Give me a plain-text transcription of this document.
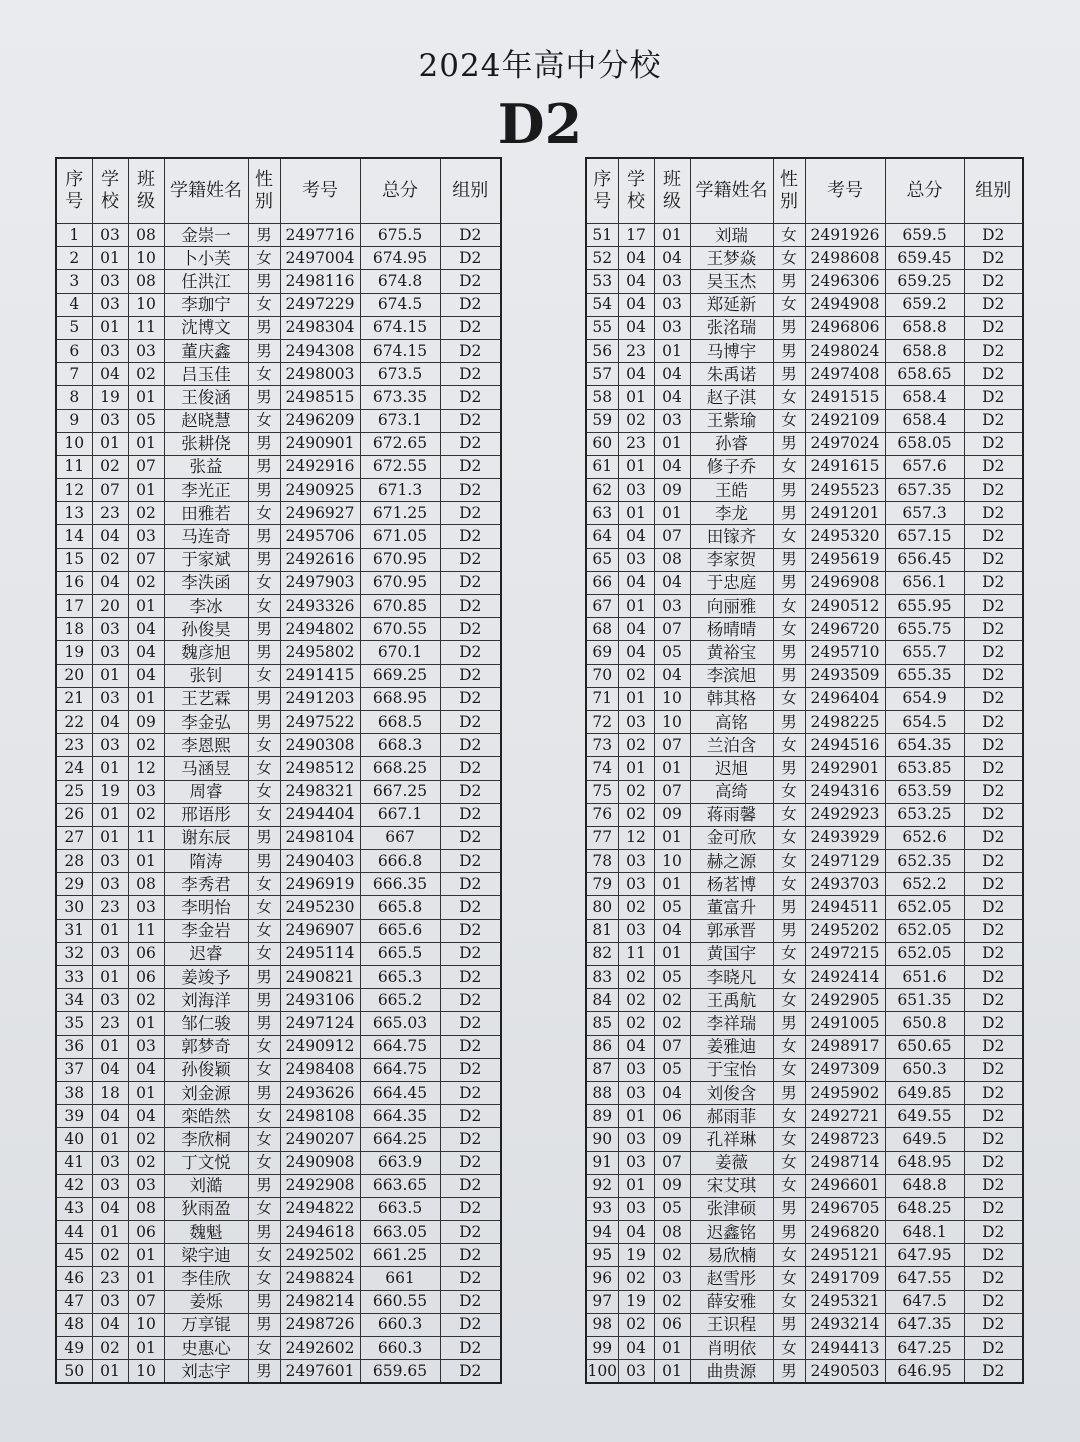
2024年高中分校
D2
序号	学校	班级	学籍姓名	性别	考号	总分	组别
1	03	08	金崇一	男	2497716	675.5	D2
2	01	10	卜小芙	女	2497004	674.95	D2
3	03	08	任洪江	男	2498116	674.8	D2
4	03	10	李珈宁	女	2497229	674.5	D2
5	01	11	沈博文	男	2498304	674.15	D2
6	03	03	董庆鑫	男	2494308	674.15	D2
7	04	02	吕玉佳	女	2498003	673.5	D2
8	19	01	王俊涵	男	2498515	673.35	D2
9	03	05	赵晓慧	女	2496209	673.1	D2
10	01	01	张耕侥	男	2490901	672.65	D2
11	02	07	张益	男	2492916	672.55	D2
12	07	01	李光正	男	2490925	671.3	D2
13	23	02	田雅若	女	2496927	671.25	D2
14	04	03	马连奇	男	2495706	671.05	D2
15	02	07	于家斌	男	2492616	670.95	D2
16	04	02	李泆函	女	2497903	670.95	D2
17	20	01	李冰	女	2493326	670.85	D2
18	03	04	孙俊昊	男	2494802	670.55	D2
19	03	04	魏彦旭	男	2495802	670.1	D2
20	01	04	张钊	女	2491415	669.25	D2
21	03	01	王艺霖	男	2491203	668.95	D2
22	04	09	李金弘	男	2497522	668.5	D2
23	03	02	李恩熙	女	2490308	668.3	D2
24	01	12	马涵昱	女	2498512	668.25	D2
25	19	03	周睿	女	2498321	667.25	D2
26	01	02	邢语彤	女	2494404	667.1	D2
27	01	11	谢东辰	男	2498104	667	D2
28	03	01	隋涛	男	2490403	666.8	D2
29	03	08	李秀君	女	2496919	666.35	D2
30	23	03	李明怡	女	2495230	665.8	D2
31	01	11	李金岩	女	2496907	665.6	D2
32	03	06	迟睿	女	2495114	665.5	D2
33	01	06	姜竣予	男	2490821	665.3	D2
34	03	02	刘海洋	男	2493106	665.2	D2
35	23	01	邹仁骏	男	2497124	665.03	D2
36	01	03	郭梦奇	女	2490912	664.75	D2
37	04	04	孙俊颖	女	2498408	664.75	D2
38	18	01	刘金源	男	2493626	664.45	D2
39	04	04	栾皓然	女	2498108	664.35	D2
40	01	02	李欣桐	女	2490207	664.25	D2
41	03	02	丁文悦	女	2490908	663.9	D2
42	03	03	刘澔	男	2492908	663.65	D2
43	04	08	狄雨盈	女	2494822	663.5	D2
44	01	06	魏魁	男	2494618	663.05	D2
45	02	01	梁宇迪	女	2492502	661.25	D2
46	23	01	李佳欣	女	2498824	661	D2
47	03	07	姜烁	男	2498214	660.55	D2
48	04	10	万享锟	男	2498726	660.3	D2
49	02	01	史惠心	女	2492602	660.3	D2
50	01	10	刘志宇	男	2497601	659.65	D2
序号	学校	班级	学籍姓名	性别	考号	总分	组别
51	17	01	刘瑞	女	2491926	659.5	D2
52	04	04	王梦焱	女	2498608	659.45	D2
53	04	03	吴玉杰	男	2496306	659.25	D2
54	04	03	郑延新	女	2494908	659.2	D2
55	04	03	张洺瑞	男	2496806	658.8	D2
56	23	01	马博宇	男	2498024	658.8	D2
57	04	04	朱禹诺	男	2497408	658.65	D2
58	01	04	赵子淇	女	2491515	658.4	D2
59	02	03	王紫瑜	女	2492109	658.4	D2
60	23	01	孙睿	男	2497024	658.05	D2
61	01	04	修子乔	女	2491615	657.6	D2
62	03	09	王皓	男	2495523	657.35	D2
63	01	01	李龙	男	2491201	657.3	D2
64	04	07	田镓齐	女	2495320	657.15	D2
65	03	08	李家贺	男	2495619	656.45	D2
66	04	04	于忠庭	男	2496908	656.1	D2
67	01	03	向丽雅	女	2490512	655.95	D2
68	04	07	杨晴晴	女	2496720	655.75	D2
69	04	05	黄裕宝	男	2495710	655.7	D2
70	02	04	李滨旭	男	2493509	655.35	D2
71	01	10	韩其格	女	2496404	654.9	D2
72	03	10	高铭	男	2498225	654.5	D2
73	02	07	兰泊含	女	2494516	654.35	D2
74	01	01	迟旭	男	2492901	653.85	D2
75	02	07	高绮	女	2494316	653.59	D2
76	02	09	蒋雨馨	女	2492923	653.25	D2
77	12	01	金可欣	女	2493929	652.6	D2
78	03	10	赫之源	女	2497129	652.35	D2
79	03	01	杨茗博	女	2493703	652.2	D2
80	02	05	董富升	男	2494511	652.05	D2
81	03	04	郭承晋	男	2495202	652.05	D2
82	11	01	黄国宇	女	2497215	652.05	D2
83	02	05	李晓凡	女	2492414	651.6	D2
84	02	02	王禹航	女	2492905	651.35	D2
85	02	02	李祥瑞	男	2491005	650.8	D2
86	04	07	姜雅迪	女	2498917	650.65	D2
87	03	05	于宝怡	女	2497309	650.3	D2
88	03	04	刘俊含	男	2495902	649.85	D2
89	01	06	郝雨菲	女	2492721	649.55	D2
90	03	09	孔祥琳	女	2498723	649.5	D2
91	03	07	姜薇	女	2498714	648.95	D2
92	01	09	宋艾琪	女	2496601	648.8	D2
93	03	05	张津硕	男	2496705	648.25	D2
94	04	08	迟鑫铭	男	2496820	648.1	D2
95	19	02	易欣楠	女	2495121	647.95	D2
96	02	03	赵雪彤	女	2491709	647.55	D2
97	19	02	薛安雅	女	2495321	647.5	D2
98	02	06	王识程	男	2493214	647.35	D2
99	04	01	肖明依	女	2494413	647.25	D2
100	03	01	曲贵源	男	2490503	646.95	D2
